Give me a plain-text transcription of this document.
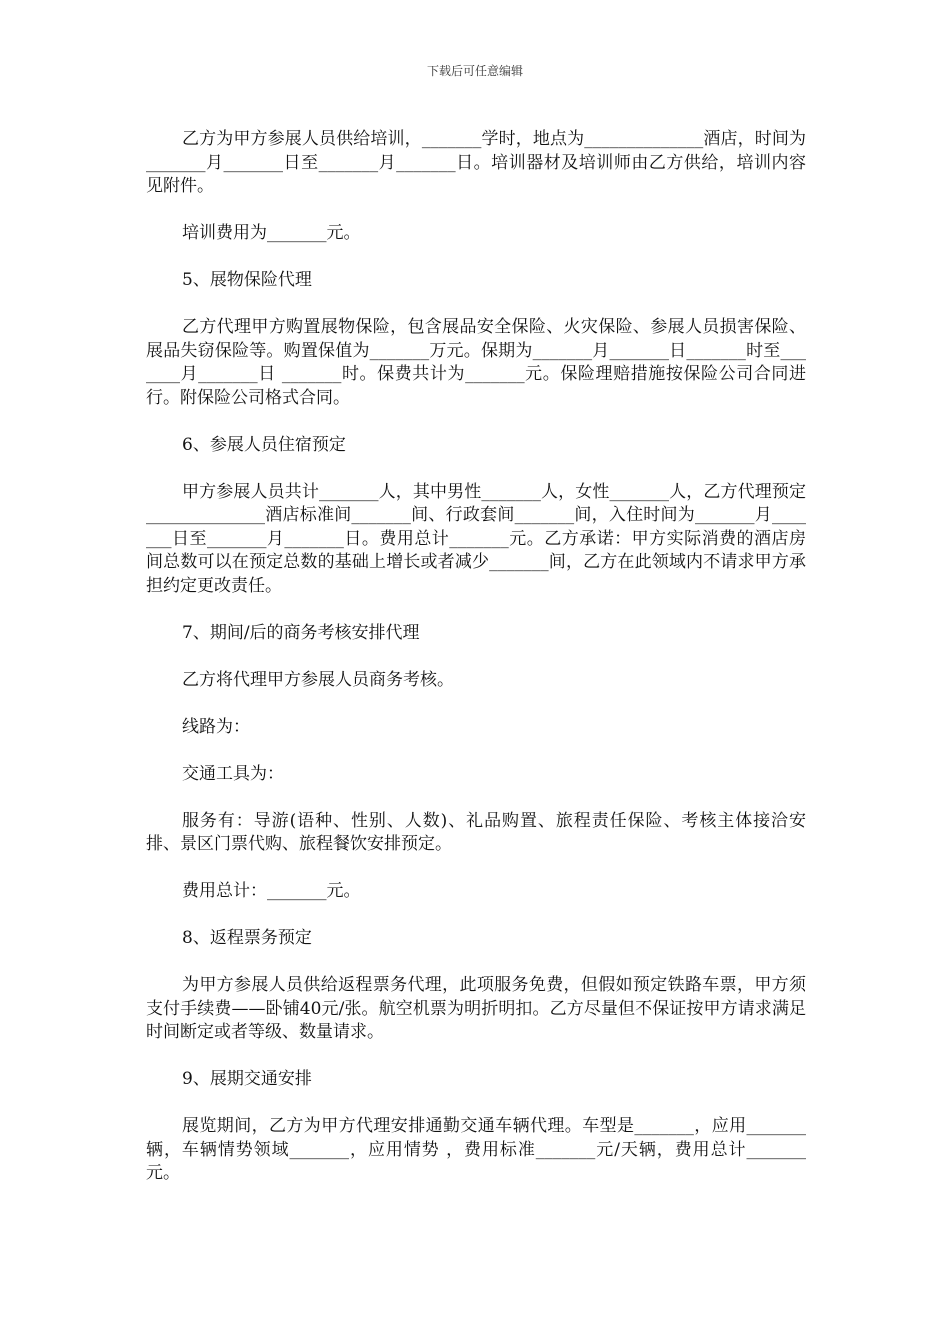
下载后可任意编辑

乙方为甲方参展人员供给培训，_______学时，地点为______________酒店，时间为_______月_______日至_______月_______日。培训器材及培训师由乙方供给，培训内容见附件。

培训费用为_______元。

5、展物保险代理

乙方代理甲方购置展物保险，包含展品安全保险、火灾保险、参展人员损害保险、展品失窃保险等。购置保值为_______万元。保期为_______月_______日_______时至_______月_______日 _______时。保费共计为_______元。保险理赔措施按保险公司合同进行。附保险公司格式合同。

6、参展人员住宿预定

甲方参展人员共计_______人，其中男性_______人，女性_______人，乙方代理预定______________酒店标准间_______间、行政套间_______间，入住时间为_______月_______日至_______月_______日。费用总计_______元。乙方承诺：甲方实际消费的酒店房间总数可以在预定总数的基础上增长或者减少_______间，乙方在此领域内不请求甲方承担约定更改责任。

7、期间/后的商务考核安排代理

乙方将代理甲方参展人员商务考核。

线路为：

交通工具为：

服务有：导游(语种、性别、人数)、礼品购置、旅程责任保险、考核主体接洽安排、景区门票代购、旅程餐饮安排预定。

费用总计：_______元。

8、返程票务预定

为甲方参展人员供给返程票务代理，此项服务免费，但假如预定铁路车票，甲方须支付手续费——卧铺40元/张。航空机票为明折明扣。乙方尽量但不保证按甲方请求满足时间断定或者等级、数量请求。

9、展期交通安排

展览期间，乙方为甲方代理安排通勤交通车辆代理。车型是_______，应用_______辆，车辆情势领域_______，应用情势 ，费用标准_______元/天辆，费用总计_______元。
